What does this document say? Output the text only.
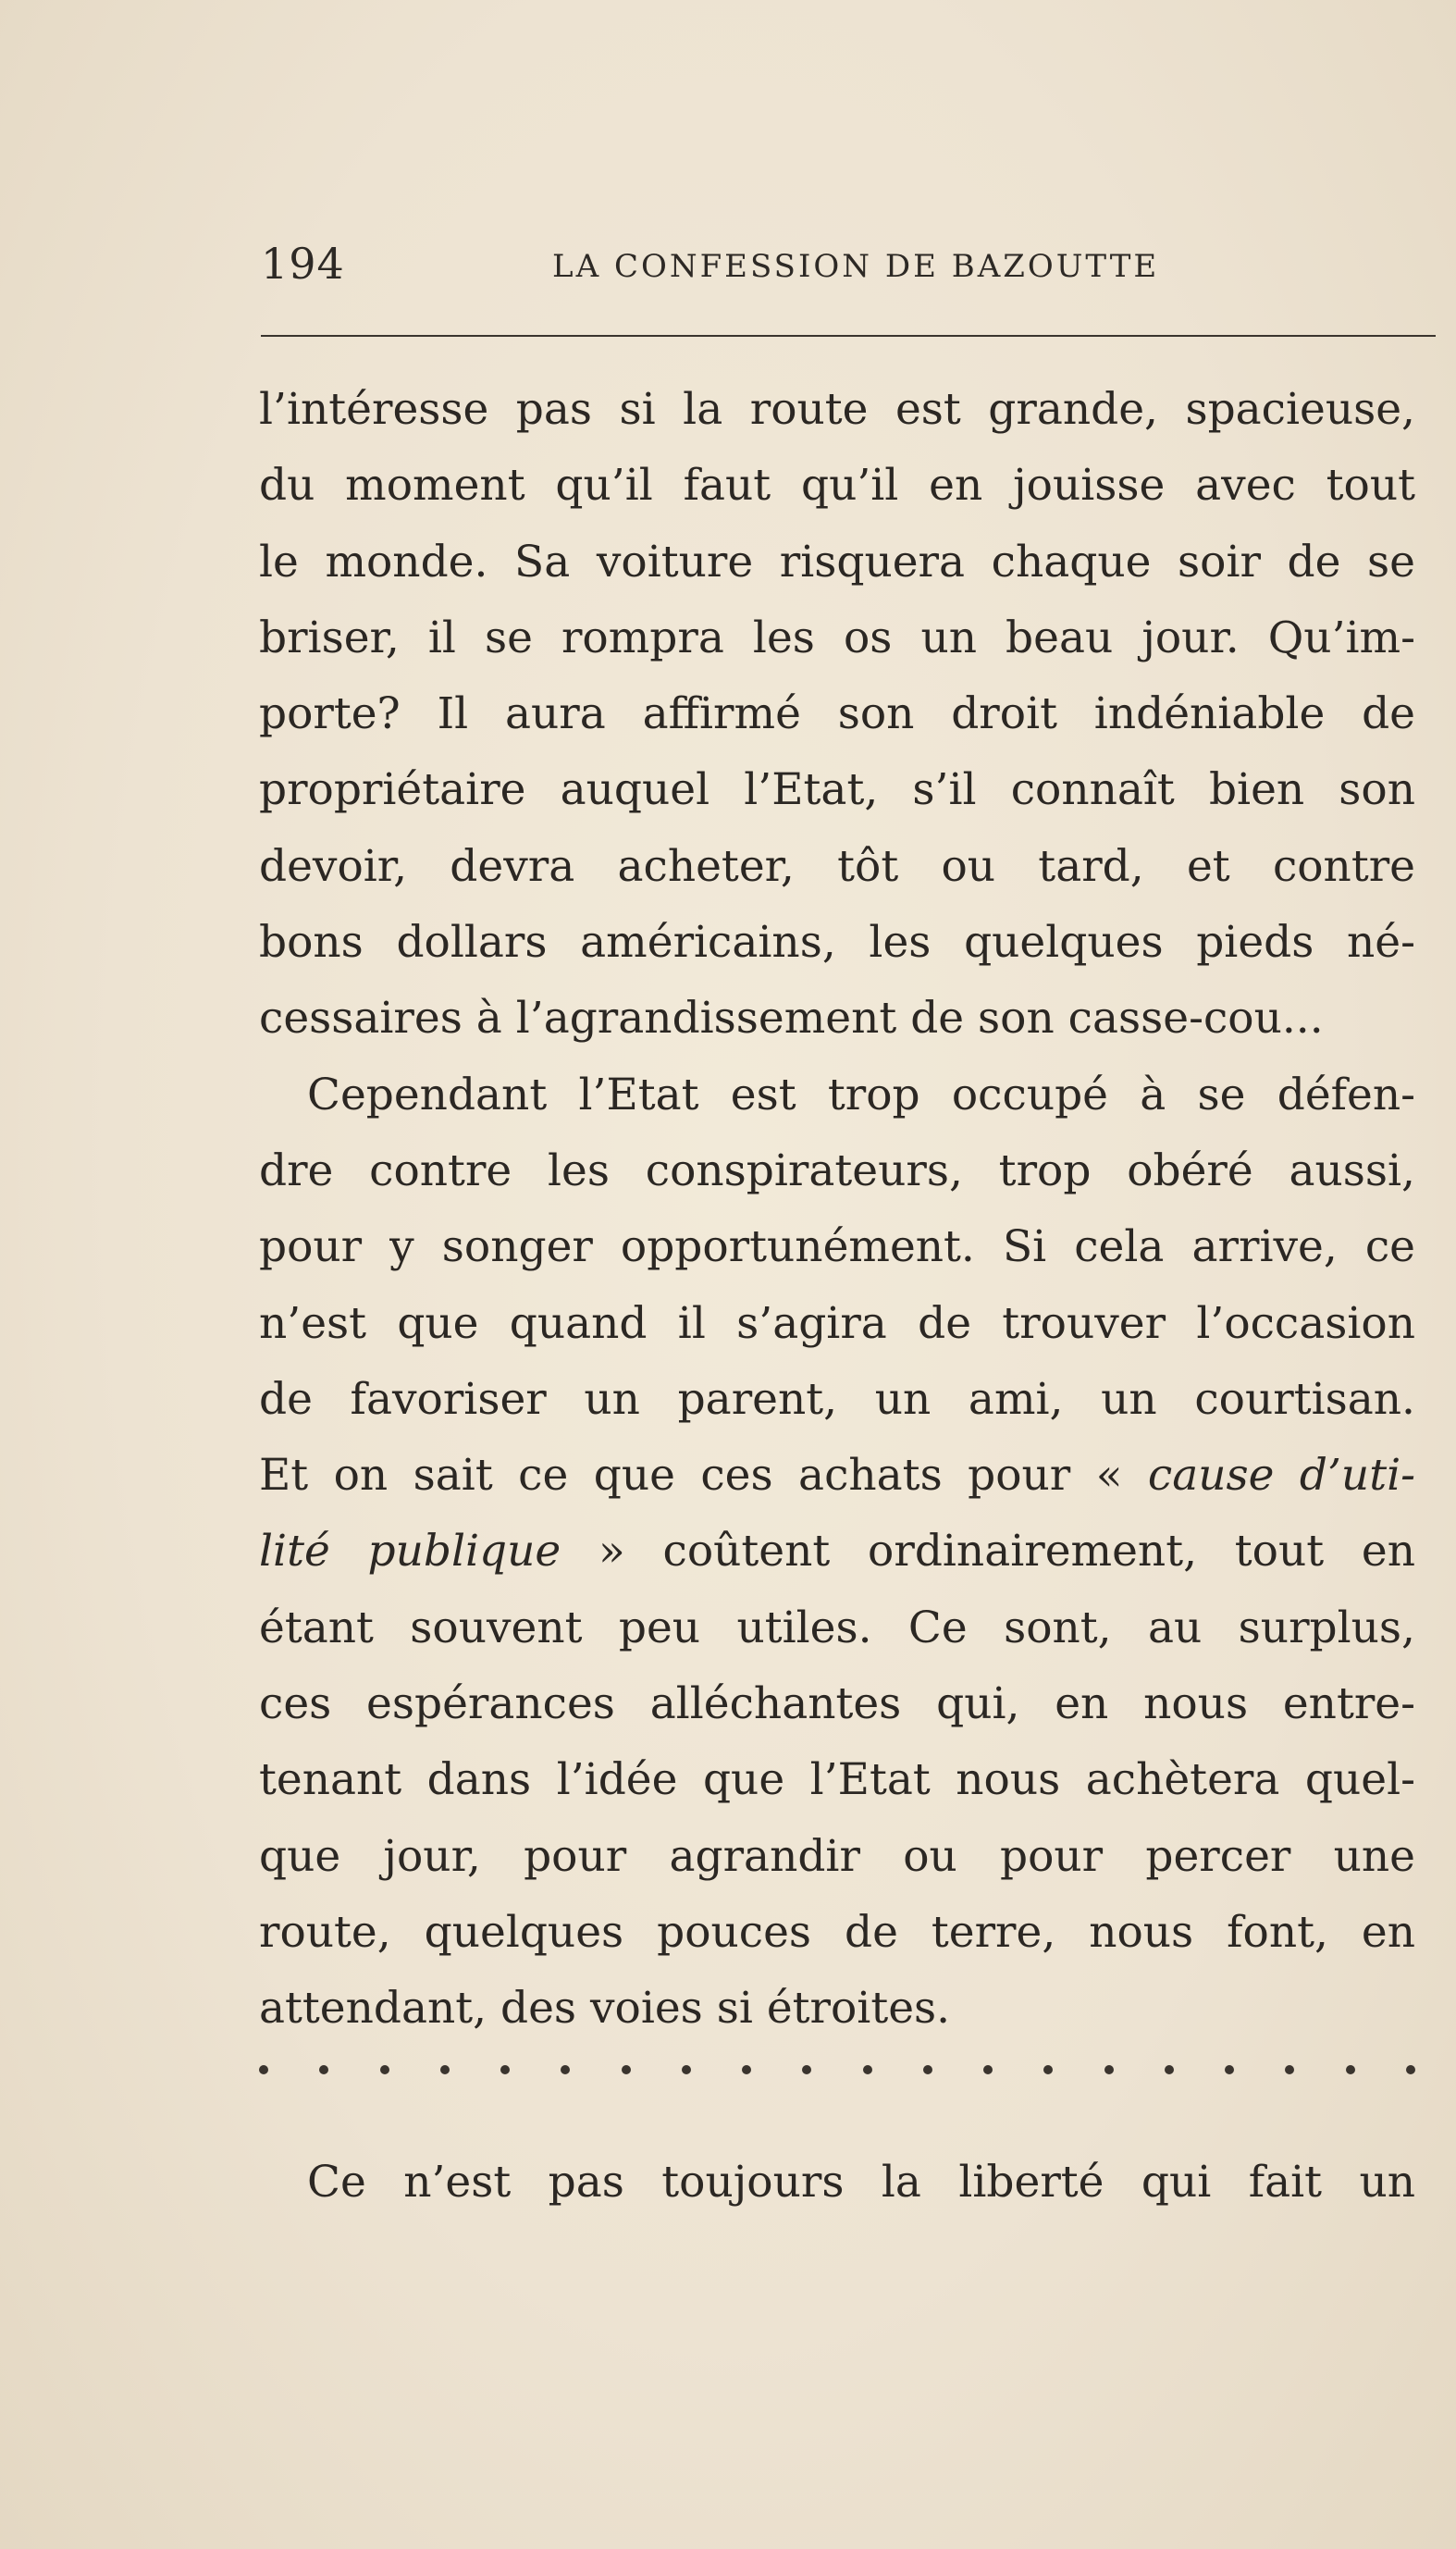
194	LA CONFESSION DE BAZOUTTE
l’intéresse pas si la route est grande, spacieuse,
du moment qu’il faut qu’il en jouisse avec tout
le monde. Sa voiture risquera chaque soir de se
briser, il se rompra les os un beau jour. Qu’im-
porte? Il aura affirmé son droit indéniable de
propriétaire auquel l’Etat, s’il connaît bien son
devoir, devra acheter, tôt ou tard, et contre
bons dollars américains, les quelques pieds né-
cessaires à l’agrandissement de son casse-cou...
Cependant l’Etat est trop occupé à se défen-
dre contre les conspirateurs, trop obéré aussi,
pour y songer opportunément. Si cela arrive, ce
n’est que quand il s’agira de trouver l’occasion
de favoriser un parent, un ami, un courtisan.
Et on sait ce que ces achats pour « cause d’uti-
lité publique » coûtent ordinairement, tout en
étant souvent peu utiles. Ce sont, au surplus,
ces espérances alléchantes qui, en nous entre-
tenant dans l’idée que l’Etat nous achètera quel-
que jour, pour agrandir ou pour percer une
route, quelques pouces de terre, nous font, en
attendant, des voies si étroites.
Ce n’est pas toujours la liberté qui fait un
